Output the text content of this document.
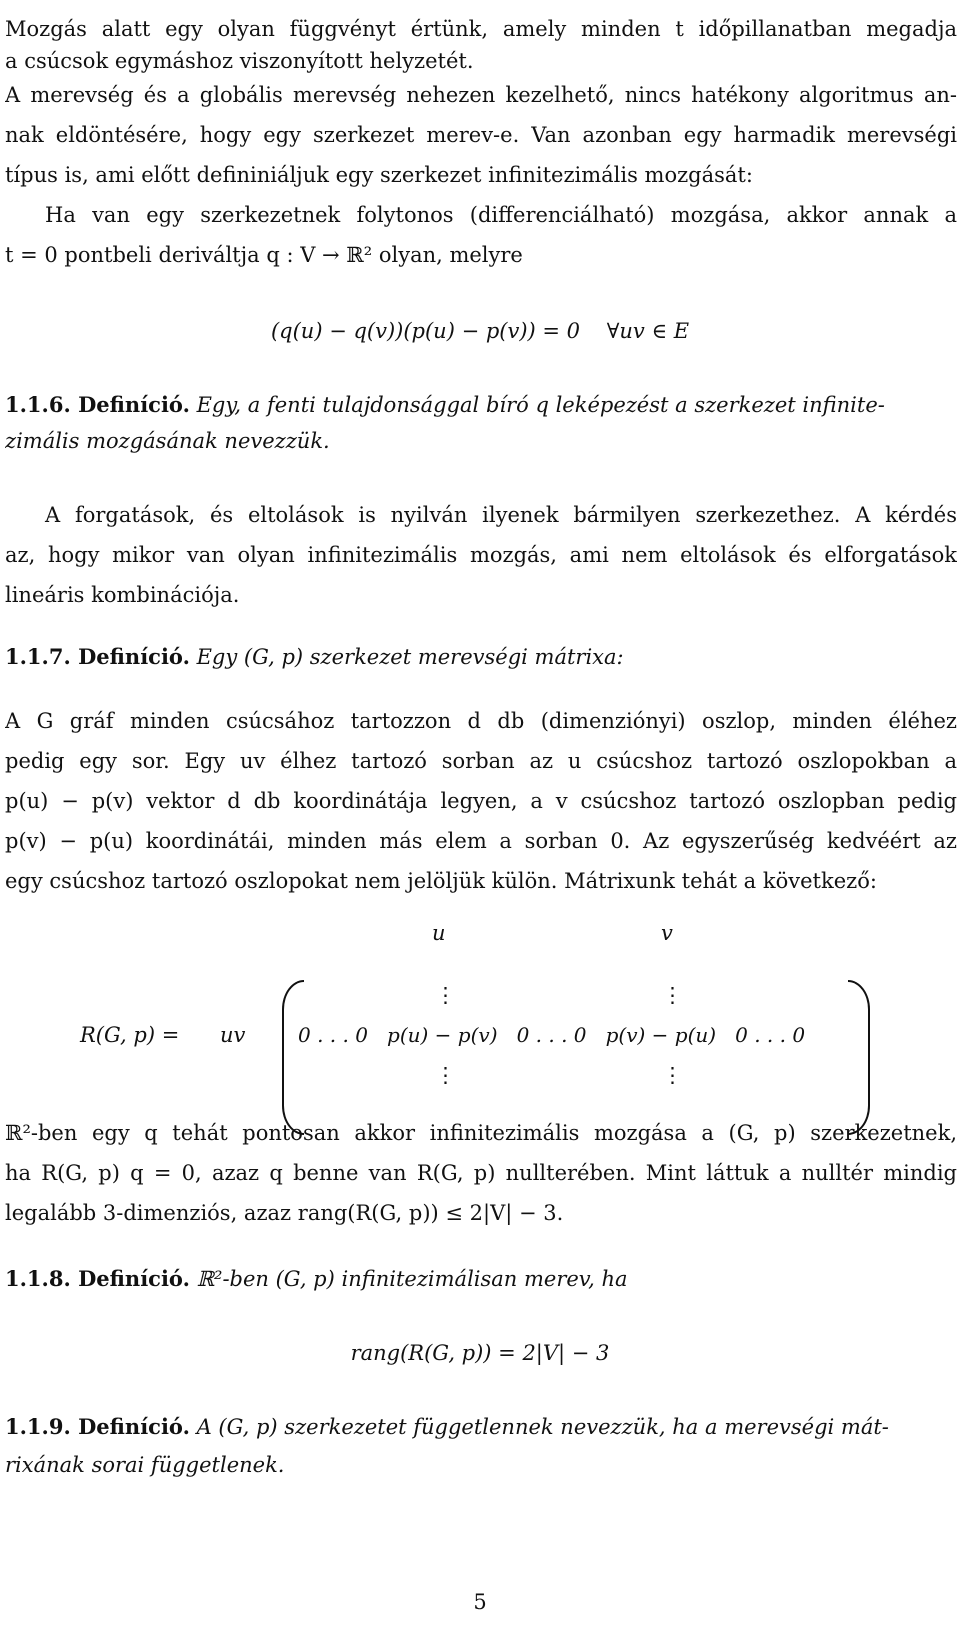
Mozgás alatt egy olyan függvényt értünk, amely minden t időpillanatban megadja
a csúcsok egymáshoz viszonyított helyzetét.
A merevség és a globális merevség nehezen kezelhető, nincs hatékony algoritmus an-
nak eldöntésére, hogy egy szerkezet merev-e. Van azonban egy harmadik merevségi
típus is, ami előtt defininiáljuk egy szerkezet infinitezimális mozgását:
Ha van egy szerkezetnek folytonos (differenciálható) mozgása, akkor annak a
t = 0 pontbeli deriváltja q : V → ℝ² olyan, melyre
(q(u) − q(v))(p(u) − p(v)) = 0    ∀uv ∈ E
1.1.6. Definíció. Egy, a fenti tulajdonsággal bíró q leképezést a szerkezet infinite-
zimális mozgásának nevezzük.
A forgatások, és eltolások is nyilván ilyenek bármilyen szerkezethez. A kérdés
az, hogy mikor van olyan infinitezimális mozgás, ami nem eltolások és elforgatások
lineáris kombinációja.
1.1.7. Definíció. Egy (G, p) szerkezet merevségi mátrixa:
A G gráf minden csúcsához tartozzon d db (dimenziónyi) oszlop, minden éléhez
pedig egy sor. Egy uv élhez tartozó sorban az u csúcshoz tartozó oszlopokban a
p(u) − p(v) vektor d db koordinátája legyen, a v csúcshoz tartozó oszlopban pedig
p(v) − p(u) koordinátái, minden más elem a sorban 0. Az egyszerűség kedvéért az
egy csúcshoz tartozó oszlopokat nem jelöljük külön. Mátrixunk tehát a következő:
u	v
⋮	⋮
R(G, p) = uv	0 . . . 0   p(u) − p(v)   0 . . . 0   p(v) − p(u)   0 . . . 0
⋮	⋮
ℝ²-ben egy q tehát pontosan akkor infinitezimális mozgása a (G, p) szerkezetnek,
ha R(G, p) q = 0, azaz q benne van R(G, p) nullterében. Mint láttuk a nulltér mindig
legalább 3-dimenziós, azaz rang(R(G, p)) ≤ 2|V| − 3.
1.1.8. Definíció. ℝ²-ben (G, p) infinitezimálisan merev, ha
rang(R(G, p)) = 2|V| − 3
1.1.9. Definíció. A (G, p) szerkezetet függetlennek nevezzük, ha a merevségi mát-
rixának sorai függetlenek.
5
